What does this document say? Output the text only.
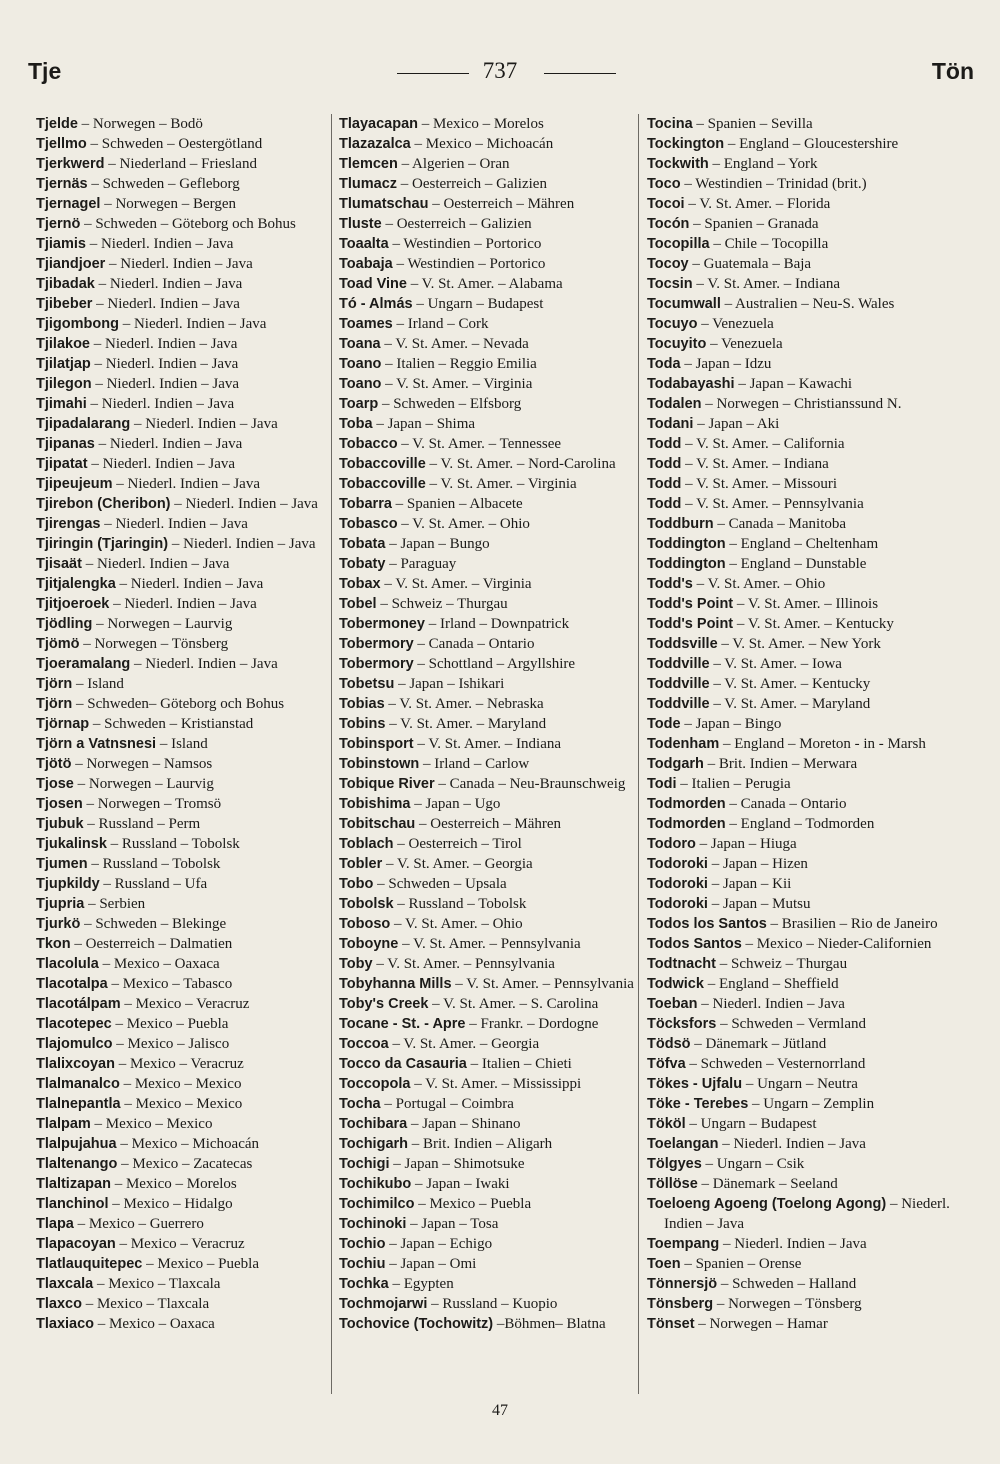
Tje	737	Tön
Tjelde – Norwegen – Bodö
Tjellmo – Schweden – Oestergötland
Tjerkwerd – Niederland – Friesland
Tjernäs – Schweden – Gefleborg
Tjernagel – Norwegen – Bergen
Tjernö – Schweden – Göteborg och Bohus
Tjiamis – Niederl. Indien – Java
Tjiandjoer – Niederl. Indien – Java
Tjibadak – Niederl. Indien – Java
Tjibeber – Niederl. Indien – Java
Tjigombong – Niederl. Indien – Java
Tjilakoe – Niederl. Indien – Java
Tjilatjap – Niederl. Indien – Java
Tjilegon – Niederl. Indien – Java
Tjimahi – Niederl. Indien – Java
Tjipadalarang – Niederl. Indien – Java
Tjipanas – Niederl. Indien – Java
Tjipatat – Niederl. Indien – Java
Tjipeujeum – Niederl. Indien – Java
Tjirebon (Cheribon) – Niederl. Indien – Java
Tjirengas – Niederl. Indien – Java
Tjiringin (Tjaringin) – Niederl. Indien – Java
Tjisaät – Niederl. Indien – Java
Tjitjalengka – Niederl. Indien – Java
Tjitjoeroek – Niederl. Indien – Java
Tjödling – Norwegen – Laurvig
Tjömö – Norwegen – Tönsberg
Tjoeramalang – Niederl. Indien – Java
Tjörn – Island
Tjörn – Schweden– Göteborg och Bohus
Tjörnap – Schweden – Kristianstad
Tjörn a Vatnsnesi – Island
Tjötö – Norwegen – Namsos
Tjose – Norwegen – Laurvig
Tjosen – Norwegen – Tromsö
Tjubuk – Russland – Perm
Tjukalinsk – Russland – Tobolsk
Tjumen – Russland – Tobolsk
Tjupkildy – Russland – Ufa
Tjupria – Serbien
Tjurkö – Schweden – Blekinge
Tkon – Oesterreich – Dalmatien
Tlacolula – Mexico – Oaxaca
Tlacotalpa – Mexico – Tabasco
Tlacotálpam – Mexico – Veracruz
Tlacotepec – Mexico – Puebla
Tlajomulco – Mexico – Jalisco
Tlalixcoyan – Mexico – Veracruz
Tlalmanalco – Mexico – Mexico
Tlalnepantla – Mexico – Mexico
Tlalpam – Mexico – Mexico
Tlalpujahua – Mexico – Michoacán
Tlaltenango – Mexico – Zacatecas
Tlaltizapan – Mexico – Morelos
Tlanchinol – Mexico – Hidalgo
Tlapa – Mexico – Guerrero
Tlapacoyan – Mexico – Veracruz
Tlatlauquitepec – Mexico – Puebla
Tlaxcala – Mexico – Tlaxcala
Tlaxco – Mexico – Tlaxcala
Tlaxiaco – Mexico – Oaxaca
Tlayacapan – Mexico – Morelos
Tlazazalca – Mexico – Michoacán
Tlemcen – Algerien – Oran
Tlumacz – Oesterreich – Galizien
Tlumatschau – Oesterreich – Mähren
Tluste – Oesterreich – Galizien
Toaalta – Westindien – Portorico
Toabaja – Westindien – Portorico
Toad Vine – V. St. Amer. – Alabama
Tó - Almás – Ungarn – Budapest
Toames – Irland – Cork
Toana – V. St. Amer. – Nevada
Toano – Italien – Reggio Emilia
Toano – V. St. Amer. – Virginia
Toarp – Schweden – Elfsborg
Toba – Japan – Shima
Tobacco – V. St. Amer. – Tennessee
Tobaccoville – V. St. Amer. – Nord-Carolina
Tobaccoville – V. St. Amer. – Virginia
Tobarra – Spanien – Albacete
Tobasco – V. St. Amer. – Ohio
Tobata – Japan – Bungo
Tobaty – Paraguay
Tobax – V. St. Amer. – Virginia
Tobel – Schweiz – Thurgau
Tobermoney – Irland – Downpatrick
Tobermory – Canada – Ontario
Tobermory – Schottland – Argyllshire
Tobetsu – Japan – Ishikari
Tobias – V. St. Amer. – Nebraska
Tobins – V. St. Amer. – Maryland
Tobinsport – V. St. Amer. – Indiana
Tobinstown – Irland – Carlow
Tobique River – Canada – Neu-Braunschweig
Tobishima – Japan – Ugo
Tobitschau – Oesterreich – Mähren
Toblach – Oesterreich – Tirol
Tobler – V. St. Amer. – Georgia
Tobo – Schweden – Upsala
Tobolsk – Russland – Tobolsk
Toboso – V. St. Amer. – Ohio
Toboyne – V. St. Amer. – Pennsylvania
Toby – V. St. Amer. – Pennsylvania
Tobyhanna Mills – V. St. Amer. – Pennsylvania
Toby's Creek – V. St. Amer. – S. Carolina
Tocane - St. - Apre – Frankr. – Dordogne
Toccoa – V. St. Amer. – Georgia
Tocco da Casauria – Italien – Chieti
Toccopola – V. St. Amer. – Mississippi
Tocha – Portugal – Coimbra
Tochibara – Japan – Shinano
Tochigarh – Brit. Indien – Aligarh
Tochigi – Japan – Shimotsuke
Tochikubo – Japan – Iwaki
Tochimilco – Mexico – Puebla
Tochinoki – Japan – Tosa
Tochio – Japan – Echigo
Tochiu – Japan – Omi
Tochka – Egypten
Tochmojarwi – Russland – Kuopio
Tochovice (Tochowitz) –Böhmen– Blatna
Tocina – Spanien – Sevilla
Tockington – England – Gloucestershire
Tockwith – England – York
Toco – Westindien – Trinidad (brit.)
Tocoi – V. St. Amer. – Florida
Tocón – Spanien – Granada
Tocopilla – Chile – Tocopilla
Tocoy – Guatemala – Baja
Tocsin – V. St. Amer. – Indiana
Tocumwall – Australien – Neu-S. Wales
Tocuyo – Venezuela
Tocuyito – Venezuela
Toda – Japan – Idzu
Todabayashi – Japan – Kawachi
Todalen – Norwegen – Christianssund N.
Todani – Japan – Aki
Todd – V. St. Amer. – California
Todd – V. St. Amer. – Indiana
Todd – V. St. Amer. – Missouri
Todd – V. St. Amer. – Pennsylvania
Toddburn – Canada – Manitoba
Toddington – England – Cheltenham
Toddington – England – Dunstable
Todd's – V. St. Amer. – Ohio
Todd's Point – V. St. Amer. – Illinois
Todd's Point – V. St. Amer. – Kentucky
Toddsville – V. St. Amer. – New York
Toddville – V. St. Amer. – Iowa
Toddville – V. St. Amer. – Kentucky
Toddville – V. St. Amer. – Maryland
Tode – Japan – Bingo
Todenham – England – Moreton - in - Marsh
Todgarh – Brit. Indien – Merwara
Todi – Italien – Perugia
Todmorden – Canada – Ontario
Todmorden – England – Todmorden
Todoro – Japan – Hiuga
Todoroki – Japan – Hizen
Todoroki – Japan – Kii
Todoroki – Japan – Mutsu
Todos los Santos – Brasilien – Rio de Janeiro
Todos Santos – Mexico – Nieder-Californien
Todtnacht – Schweiz – Thurgau
Todwick – England – Sheffield
Toeban – Niederl. Indien – Java
Töcksfors – Schweden – Vermland
Tödsö – Dänemark – Jütland
Töfva – Schweden – Vesternorrland
Tökes - Ujfalu – Ungarn – Neutra
Töke - Terebes – Ungarn – Zemplin
Tököl – Ungarn – Budapest
Toelangan – Niederl. Indien – Java
Tölgyes – Ungarn – Csik
Töllöse – Dänemark – Seeland
Toeloeng Agoeng (Toelong Agong) – Niederl. Indien – Java
Toempang – Niederl. Indien – Java
Toen – Spanien – Orense
Tönnersjö – Schweden – Halland
Tönsberg – Norwegen – Tönsberg
Tönset – Norwegen – Hamar
47
